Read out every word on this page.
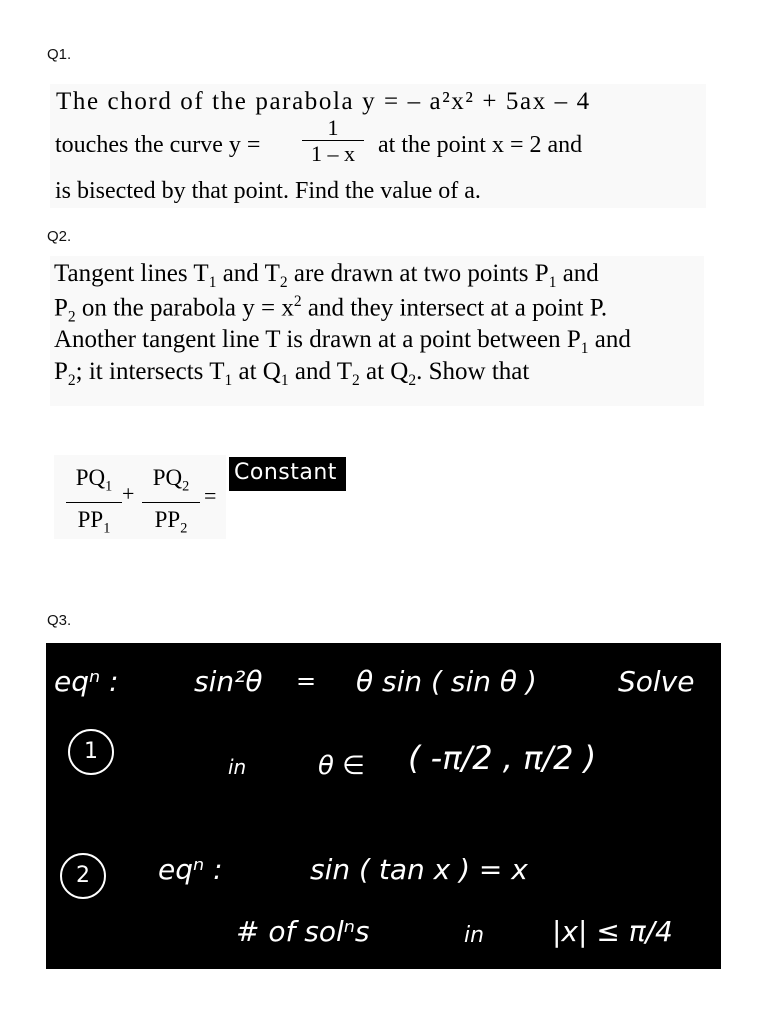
Q1.
The chord of the parabola y = – a²x² + 5ax – 4
touches the curve y =
1
1 – x at the point x = 2 and
is bisected by that point. Find the value of a.
Q2.
Tangent lines $T_1$ and $T_2$ are drawn at two points $P_1$ and
$P_2$ on the parabola $y = x^2$ and they intersect at a point P.
Another tangent line T is drawn at a point between $P_1$ and
$P_2$; it intersects $T_1$ at $Q_1$ and $T_2$ at $Q_2$. Show that
$PQ_1$
$PP_1$
+
$PQ_2$
$PP_2$
=
Constant
Q3.
eqⁿ :	sin²θ = θ sin ( sin θ )	Solve
1
in	θ ∈ ( -π/2 , π/2 )
2	eqⁿ :	sin ( tan x ) = x
# of solⁿs	in |x| ≤ π/4
